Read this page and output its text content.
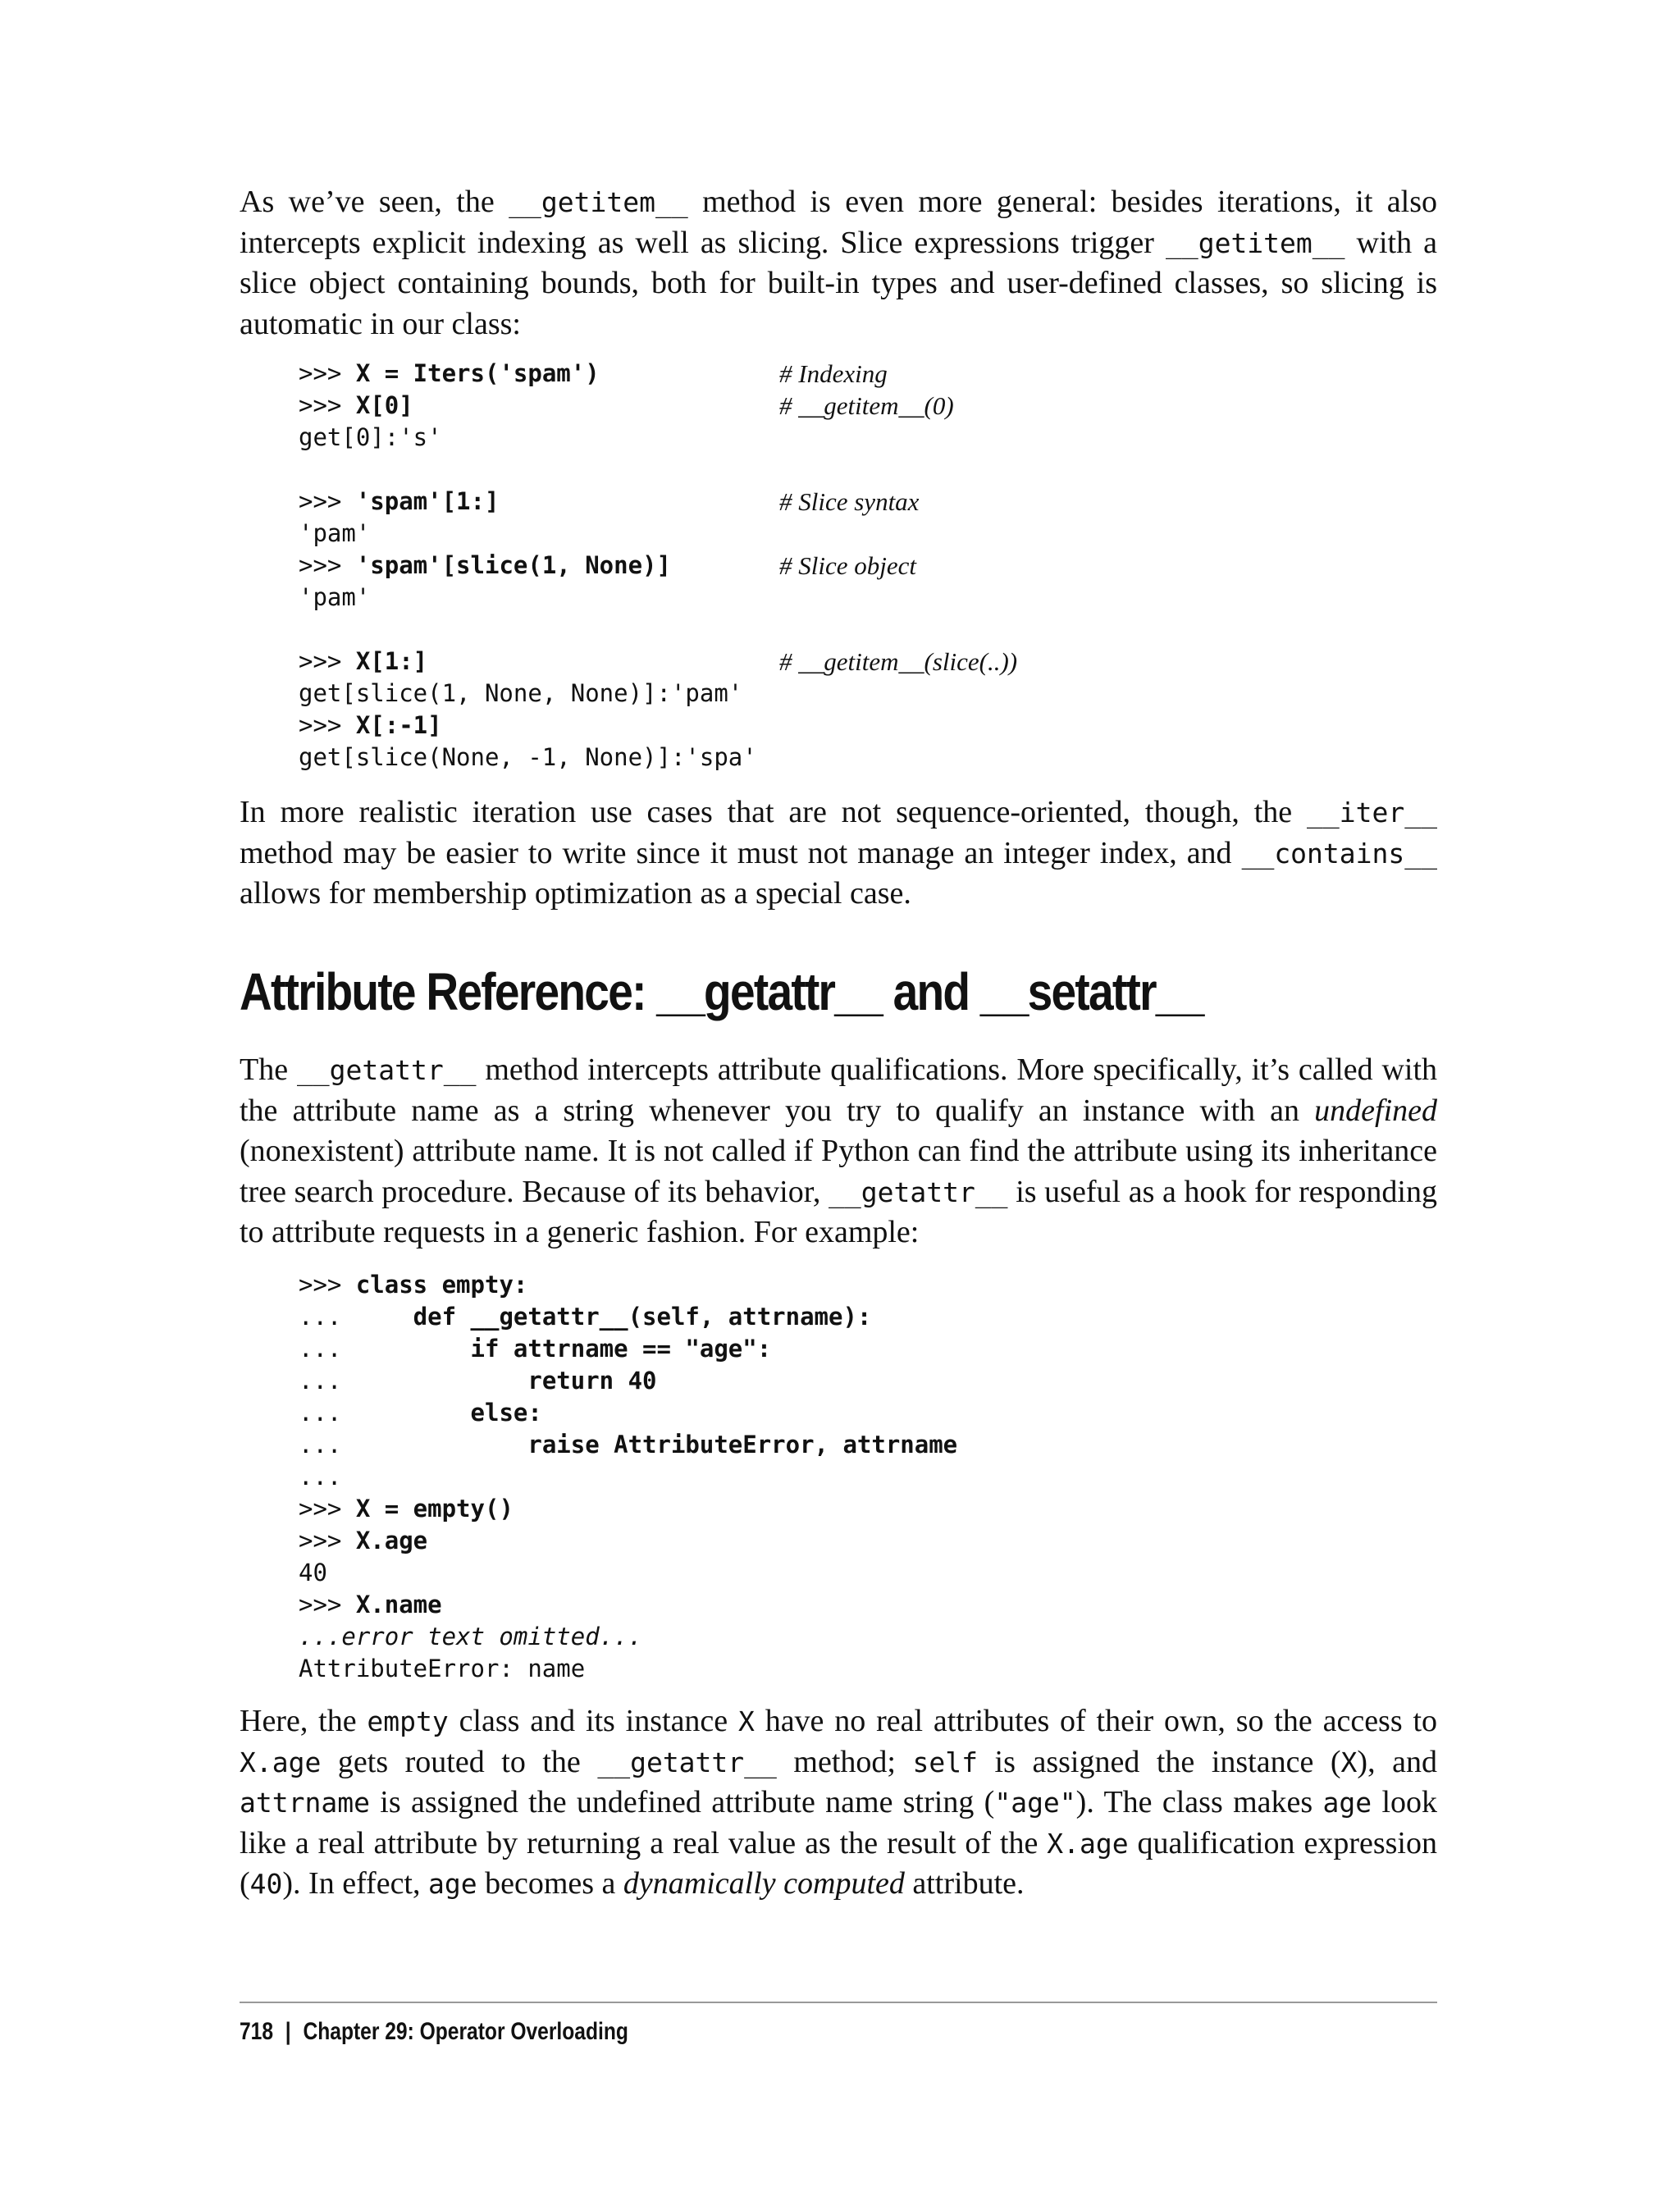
As we’ve seen, the __getitem__ method is even more general: besides iterations, it also intercepts explicit indexing as well as slicing. Slice expressions trigger __getitem__ with a slice object containing bounds, both for built-in types and user-defined classes, so slicing is automatic in our class:

>>> X = Iters('spam')	# Indexing
>>> X[0]	# __getitem__(0)
get[0]:'s'
>>> 'spam'[1:]	# Slice syntax
'pam'
>>> 'spam'[slice(1, None)]	# Slice object
'pam'
>>> X[1:]	# __getitem__(slice(..))
get[slice(1, None, None)]:'pam'
>>> X[:-1]
get[slice(None, -1, None)]:'spa'

In more realistic iteration use cases that are not sequence-oriented, though, the __iter__ method may be easier to write since it must not manage an integer index, and __contains__ allows for membership optimization as a special case.

Attribute Reference: __getattr__ and __setattr__

The __getattr__ method intercepts attribute qualifications. More specifically, it’s called with the attribute name as a string whenever you try to qualify an instance with an undefined (nonexistent) attribute name. It is not called if Python can find the attribute using its inheritance tree search procedure. Because of its behavior, __getattr__ is useful as a hook for responding to attribute requests in a generic fashion. For example:

>>> class empty:
...     def __getattr__(self, attrname):
...         if attrname == "age":
...             return 40
...         else:
...             raise AttributeError, attrname
...
>>> X = empty()
>>> X.age
40
>>> X.name
...error text omitted...
AttributeError: name

Here, the empty class and its instance X have no real attributes of their own, so the access to X.age gets routed to the __getattr__ method; self is assigned the instance (X), and attrname is assigned the undefined attribute name string ("age"). The class makes age look like a real attribute by returning a real value as the result of the X.age qualification expression (40). In effect, age becomes a dynamically computed attribute.

718 | Chapter 29: Operator Overloading
